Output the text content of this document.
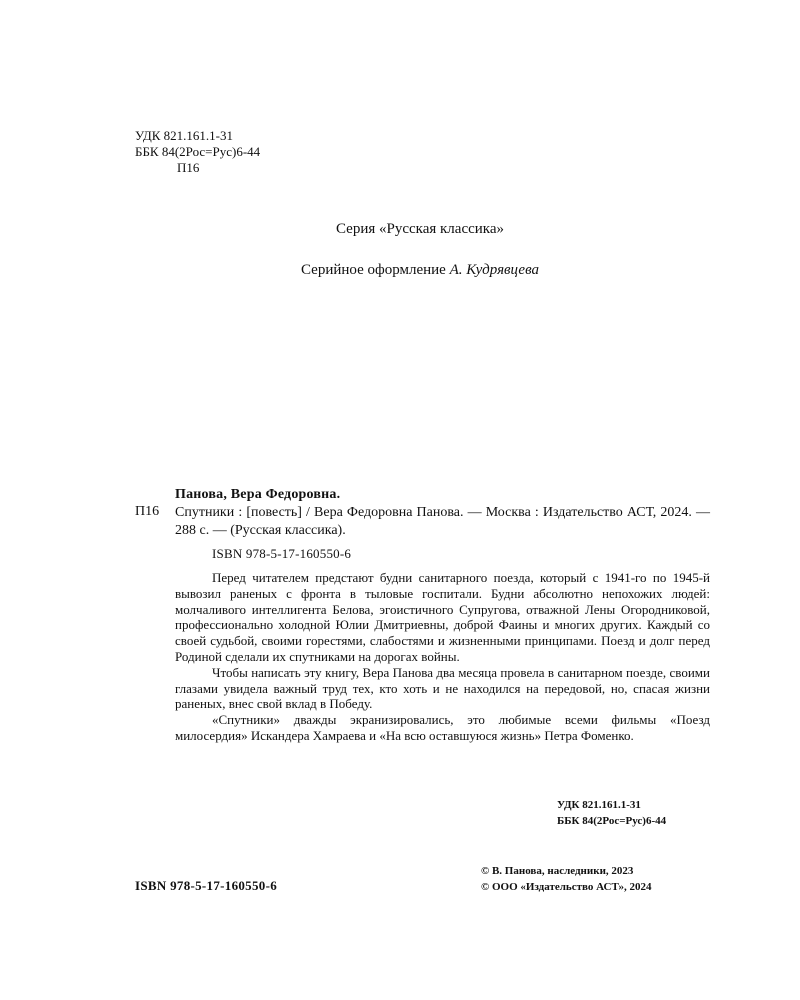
УДК 821.161.1-31
ББК 84(2Рос=Рус)6-44
П16
Серия «Русская классика»
Серийное оформление А. Кудрявцева
Панова, Вера Федоровна.
П16 Спутники : [повесть] / Вера Федоровна Панова. — Москва : Издательство АСТ, 2024. — 288 с. — (Русская классика).
ISBN 978-5-17-160550-6

Перед читателем предстают будни санитарного поезда, который с 1941-го по 1945-й вывозил раненых с фронта в тыловые госпитали. Будни абсолютно непохожих людей: молчаливого интеллигента Белова, эгоистичного Супругова, отважной Лены Огородниковой, профессионально холодной Юлии Дмитриевны, доброй Фаины и многих других. Каждый со своей судьбой, своими горестями, слабостями и жизненными принципами. Поезд и долг перед Родиной сделали их спутниками на дорогах войны.

Чтобы написать эту книгу, Вера Панова два месяца провела в санитарном поезде, своими глазами увидела важный труд тех, кто хоть и не находился на передовой, но, спасая жизни раненых, внес свой вклад в Победу.

«Спутники» дважды экранизировались, это любимые всеми фильмы «Поезд милосердия» Искандера Хамраева и «На всю оставшуюся жизнь» Петра Фоменко.

УДК 821.161.1-31
ББК 84(2Рос=Рус)6-44
ISBN 978-5-17-160550-6
© В. Панова, наследники, 2023
© ООО «Издательство АСТ», 2024
